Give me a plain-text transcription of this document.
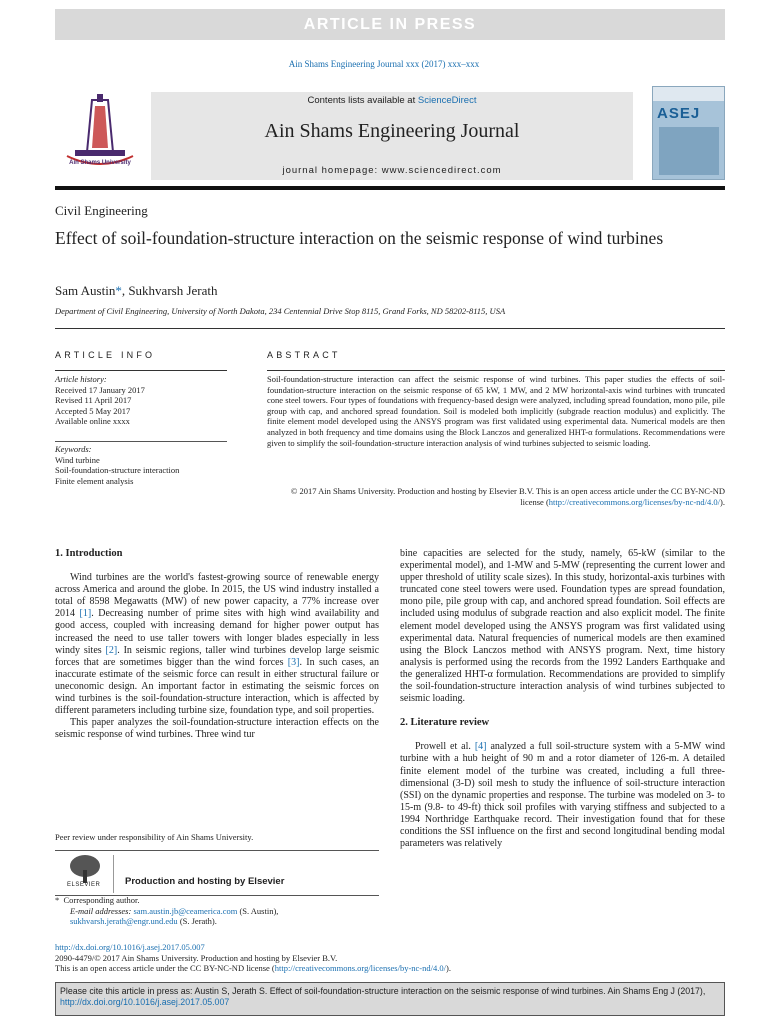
ARTICLE IN PRESS
Ain Shams Engineering Journal xxx (2017) xxx–xxx
Ain Shams University
Contents lists available at ScienceDirect
Ain Shams Engineering Journal
journal homepage: www.sciencedirect.com
ASEJ
Civil Engineering
Effect of soil-foundation-structure interaction on the seismic response of wind turbines
Sam Austin*, Sukhvarsh Jerath
Department of Civil Engineering, University of North Dakota, 234 Centennial Drive Stop 8115, Grand Forks, ND 58202-8115, USA
ARTICLE INFO	ABSTRACT
Article history:
Received 17 January 2017
Revised 11 April 2017
Accepted 5 May 2017
Available online xxxx
Keywords:
Wind turbine
Soil-foundation-structure interaction
Finite element analysis
Soil-foundation-structure interaction can affect the seismic response of wind turbines. This paper studies the effects of soil-foundation-structure interaction on the seismic response of 65 kW, 1 MW, and 2 MW horizontal-axis wind turbines with truncated cone steel towers. Four types of foundations with frequency-based design were analyzed, including spread foundation, mono pile, pile group with cap, and anchored spread foundation. Soil is modeled both implicitly (subgrade reaction modulus) and explicitly. The finite element model developed using the ANSYS program was first validated using experimental data. Numerical models are then analyzed in both frequency and time domains using the Block Lanczos and generalized HHT-α formulations. Recommendations were given to simplify the soil-foundation-structure interaction analysis of wind turbines subjected to seismic loading.
© 2017 Ain Shams University. Production and hosting by Elsevier B.V. This is an open access article under the CC BY-NC-ND license (http://creativecommons.org/licenses/by-nc-nd/4.0/).
1. Introduction
Wind turbines are the world's fastest-growing source of renewable energy across America and around the globe. In 2015, the US wind industry installed a total of 8598 Megawatts (MW) of new power capacity, a 77% increase over 2014 [1]. Decreasing number of prime sites with high wind availability and good access, coupled with increasing demand for higher power output has increased the need to use taller towers with longer blades especially in less windy sites [2]. In seismic regions, taller wind turbines develop large seismic forces that are sometimes bigger than the wind forces [3]. In such cases, an inaccurate estimate of the seismic force can result in either structural failure or uneconomic design. An important factor in estimating the seismic forces on wind turbines is the soil-foundation-structure interaction, which is affected by different parameters including turbine size, foundation type, and soil properties.
This paper analyzes the soil-foundation-structure interaction effects on the seismic response of wind turbines. Three wind tur
bine capacities are selected for the study, namely, 65-kW (similar to the experimental model), and 1-MW and 5-MW (representing the current lower and upper threshold of utility scale sizes). In this study, horizontal-axis turbines with truncated cone steel towers were used. Foundation types are spread foundation, mono pile, pile group with cap, and anchored spread foundation. Soil effects are included using modulus of subgrade reaction and also explicit model. The finite element model developed using the ANSYS program was first validated using experimental data. Natural frequencies of numerical models are then examined using the Block Lanczos method with ANSYS program. Next, time history analysis is performed using the records from the 1992 Landers Earthquake and the generalized HHT-α formulation. Recommendations are provided to simplify the soil-foundation-structure interaction analysis of wind turbines subjected to seismic loading.
2. Literature review
Prowell et al. [4] analyzed a full soil-structure system with a 5-MW wind turbine with a hub height of 90 m and a rotor diameter of 126-m. A detailed finite element model of the turbine was created, including a full three-dimensional (3-D) soil mesh to study the influence of soil-structure interaction (SSI) on the dynamic properties and response. The turbine was modeled on 3- to 15-m (9.8- to 49-ft) thick soil profiles with varying stiffness and subjected to a 1994 Northridge Earthquake record. Their investigation found that for these conditions the SSI influence on the first and second longitudinal bending modal parameters was relatively
Peer review under responsibility of Ain Shams University.
ELSEVIER	Production and hosting by Elsevier
* Corresponding author.
E-mail addresses: sam.austin.jb@ceamerica.com (S. Austin), sukhvarsh.jerath@engr.und.edu (S. Jerath).
http://dx.doi.org/10.1016/j.asej.2017.05.007
2090-4479/© 2017 Ain Shams University. Production and hosting by Elsevier B.V.
This is an open access article under the CC BY-NC-ND license (http://creativecommons.org/licenses/by-nc-nd/4.0/).
Please cite this article in press as: Austin S, Jerath S. Effect of soil-foundation-structure interaction on the seismic response of wind turbines. Ain Shams Eng J (2017), http://dx.doi.org/10.1016/j.asej.2017.05.007
